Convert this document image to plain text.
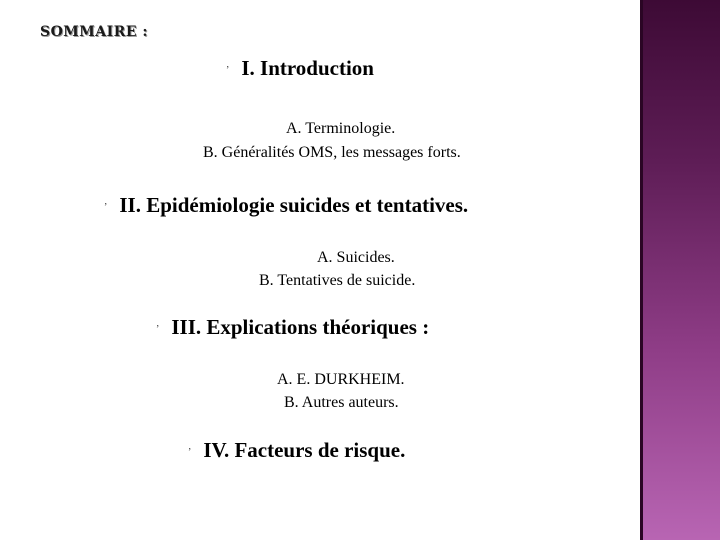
SOMMAIRE :
ʼ I. Introduction
A. Terminologie.
B. Généralités OMS, les messages forts.
ʼ II. Epidémiologie suicides et tentatives.
A. Suicides.
B. Tentatives de suicide.
ʼ III. Explications théoriques :
A. E. DURKHEIM.
B. Autres auteurs.
ʼ IV. Facteurs de risque.
